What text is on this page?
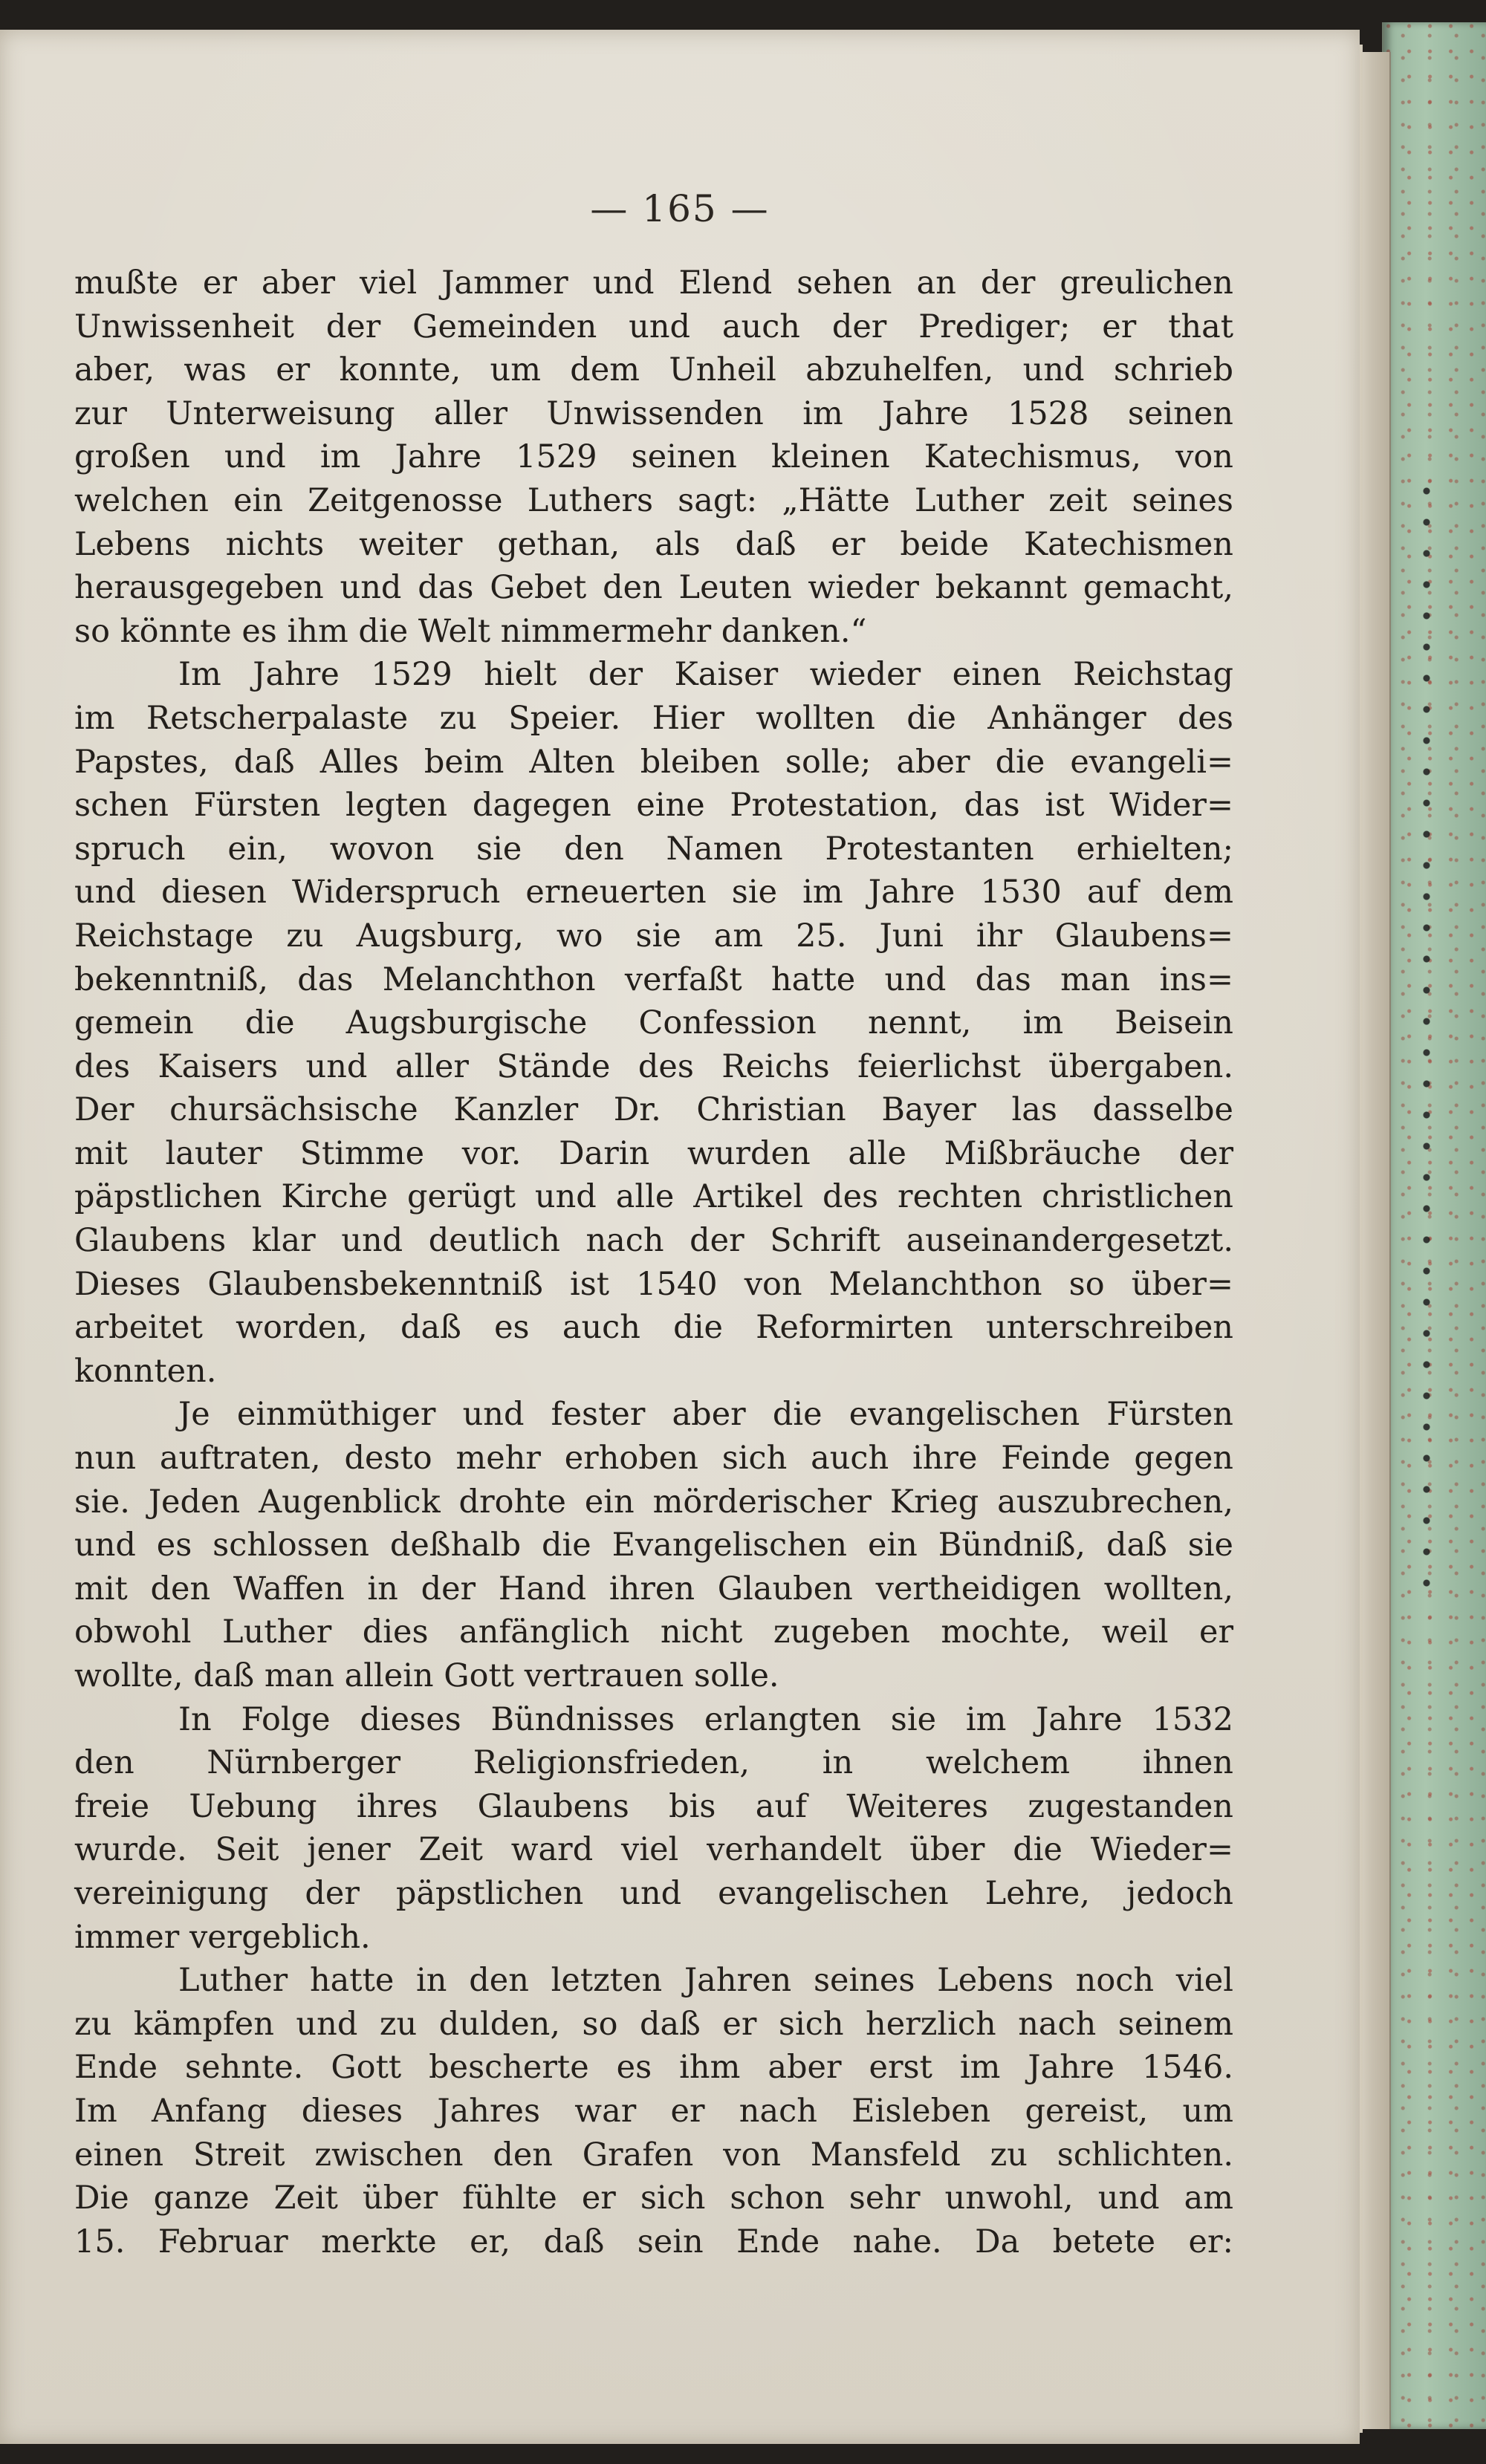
— 165 —
mußte er aber viel Jammer und Elend sehen an der greulichen
Unwissenheit der Gemeinden und auch der Prediger; er that
aber, was er konnte, um dem Unheil abzuhelfen, und schrieb
zur Unterweisung aller Unwissenden im Jahre 1528 seinen
großen und im Jahre 1529 seinen kleinen Katechismus, von
welchen ein Zeitgenosse Luthers sagt: „Hätte Luther zeit seines
Lebens nichts weiter gethan, als daß er beide Katechismen
herausgegeben und das Gebet den Leuten wieder bekannt gemacht,
so könnte es ihm die Welt nimmermehr danken.“
Im Jahre 1529 hielt der Kaiser wieder einen Reichstag
im Retscherpalaste zu Speier. Hier wollten die Anhänger des
Papstes, daß Alles beim Alten bleiben solle; aber die evangeli=
schen Fürsten legten dagegen eine Protestation, das ist Wider=
spruch ein, wovon sie den Namen Protestanten erhielten;
und diesen Widerspruch erneuerten sie im Jahre 1530 auf dem
Reichstage zu Augsburg, wo sie am 25. Juni ihr Glaubens=
bekenntniß, das Melanchthon verfaßt hatte und das man ins=
gemein die Augsburgische Confession nennt, im Beisein
des Kaisers und aller Stände des Reichs feierlichst übergaben.
Der chursächsische Kanzler Dr. Christian Bayer las dasselbe
mit lauter Stimme vor. Darin wurden alle Mißbräuche der
päpstlichen Kirche gerügt und alle Artikel des rechten christlichen
Glaubens klar und deutlich nach der Schrift auseinandergesetzt.
Dieses Glaubensbekenntniß ist 1540 von Melanchthon so über=
arbeitet worden, daß es auch die Reformirten unterschreiben
konnten.
Je einmüthiger und fester aber die evangelischen Fürsten
nun auftraten, desto mehr erhoben sich auch ihre Feinde gegen
sie. Jeden Augenblick drohte ein mörderischer Krieg auszubrechen,
und es schlossen deßhalb die Evangelischen ein Bündniß, daß sie
mit den Waffen in der Hand ihren Glauben vertheidigen wollten,
obwohl Luther dies anfänglich nicht zugeben mochte, weil er
wollte, daß man allein Gott vertrauen solle.
In Folge dieses Bündnisses erlangten sie im Jahre 1532
den Nürnberger Religionsfrieden, in welchem ihnen
freie Uebung ihres Glaubens bis auf Weiteres zugestanden
wurde. Seit jener Zeit ward viel verhandelt über die Wieder=
vereinigung der päpstlichen und evangelischen Lehre, jedoch
immer vergeblich.
Luther hatte in den letzten Jahren seines Lebens noch viel
zu kämpfen und zu dulden, so daß er sich herzlich nach seinem
Ende sehnte. Gott bescherte es ihm aber erst im Jahre 1546.
Im Anfang dieses Jahres war er nach Eisleben gereist, um
einen Streit zwischen den Grafen von Mansfeld zu schlichten.
Die ganze Zeit über fühlte er sich schon sehr unwohl, und am
15. Februar merkte er, daß sein Ende nahe. Da betete er:
